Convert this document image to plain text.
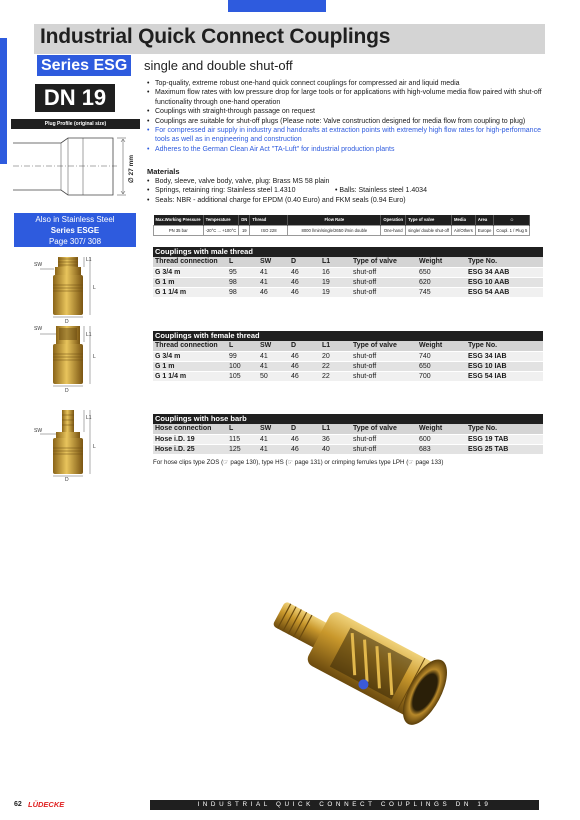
Industrial Quick Connect Couplings
Series ESG	single and double shut-off
DN 19
Plug Profile (original size)
∅ 27 mm
Also in Stainless Steel
Series ESGE
Page 307/ 308
• Top-quality, extreme robust one-hand quick connect couplings for compressed air and liquid media
• Maximum flow rates with low pressure drop for large tools or for applications with high-volume media flow paired with shut-off functionality through one-hand operation
• Couplings with straight-through passage on request
• Couplings are suitable for shut-off plugs (Please note: Valve construction designed for media flow from coupling to plug)
• For compressed air supply in industry and handcrafts at extraction points with extremely high flow rates for high-performance tools as well as in engineering and construction
• Adheres to the German Clean Air Act "TA-Luft" for industrial production plants
Materials
• Body, sleeve, valve body, valve, plug: Brass MS 58 plain
• Springs, retaining ring: Stainless steel 1.4310	• Balls: Stainless steel 1.4034
• Seals: NBR - additional charge for EPDM (0.40 Euro) and FKM seals (0.94 Euro)
Max.Working Pressure	Temperature	DN	Thread	Flow Rate	Operation	Type of valve	Media	Area	☺
PN 35 bar	-20°C ... +100°C	19	ISO 228	8000 l/min/single/2650 l/min double	One-hand	single/ double shut-off	Air/Others	Europe	Coupl. 1 / Plug 5
Couplings with male thread
Thread connection	L	SW	D	L1	Type of valve	Weight	Type No.
G 3/4 m	95	41	46	16	shut-off	650	ESG 34 AAB
G 1 m	98	41	46	19	shut-off	620	ESG 10 AAB
G 1 1/4 m	98	46	46	19	shut-off	745	ESG 54 AAB
Couplings with female thread
Thread connection	L	SW	D	L1	Type of valve	Weight	Type No.
G 3/4 m	99	41	46	20	shut-off	740	ESG 34 IAB
G 1 m	100	41	46	22	shut-off	650	ESG 10 IAB
G 1 1/4 m	105	50	46	22	shut-off	700	ESG 54 IAB
Couplings with hose barb
Hose connection	L	SW	D	L1	Type of valve	Weight	Type No.
Hose i.D. 19	115	41	46	36	shut-off	600	ESG 19 TAB
Hose i.D. 25	125	41	46	40	shut-off	683	ESG 25 TAB
For hose clips type ZOS (☞ page 130), type HS (☞ page 131) or crimping ferrules type LPH (☞ page 133)
SW
L1
L
D
SW
L1
L
D
SW
L1
L
D
62 LÜDECKE	INDUSTRIAL QUICK CONNECT COUPLINGS DN 19
